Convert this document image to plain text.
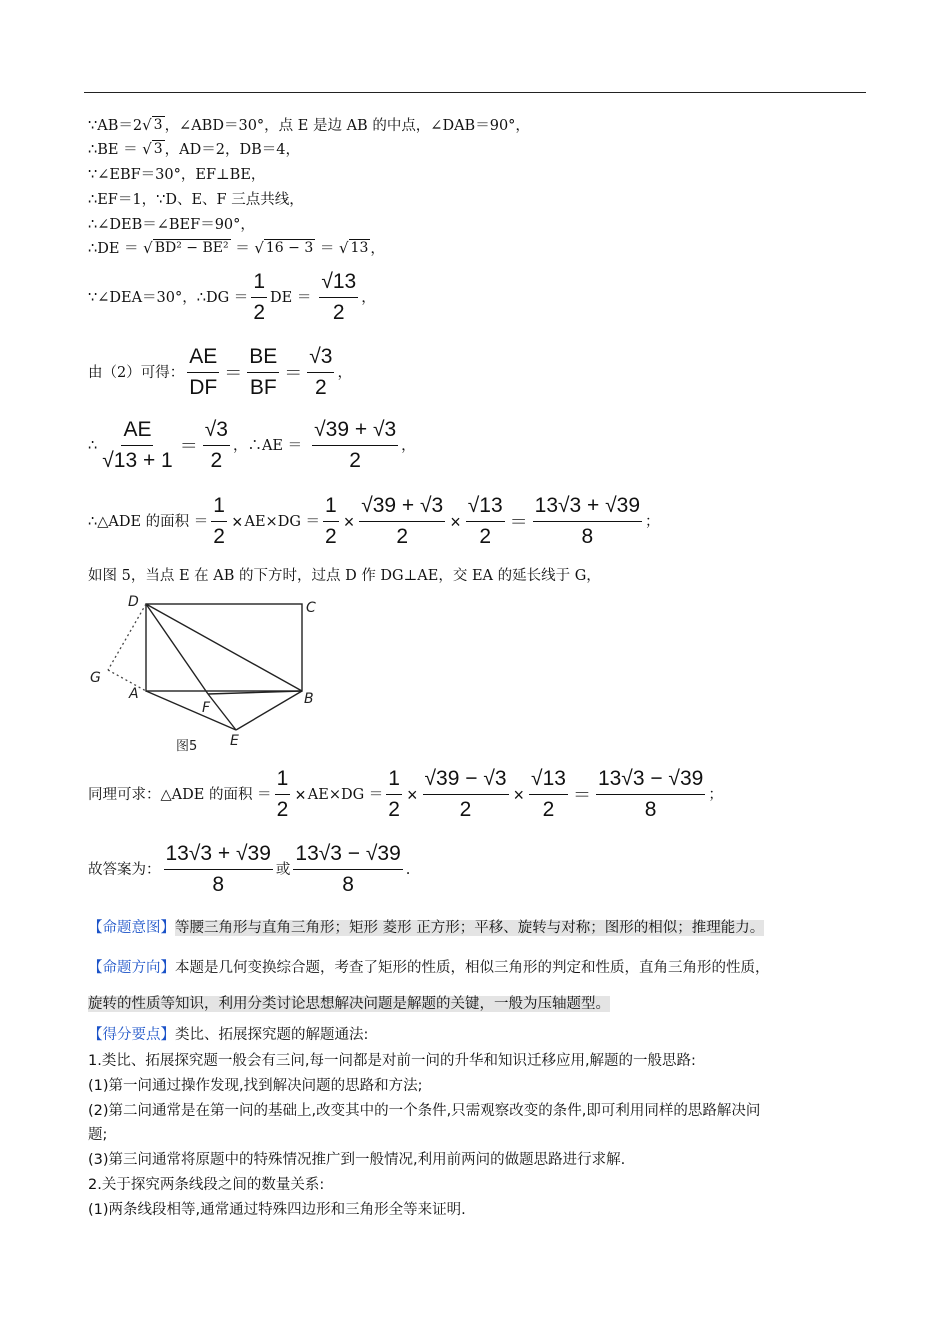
∵AB＝2 √ 3 ，∠ABD＝30°，点 E 是边 AB 的中点，∠DAB＝90°，
∴BE ＝ √ 3 ，AD＝2，DB＝4，
∵∠EBF＝30°，EF⊥BE，
∴EF＝1，∵D、E、F 三点共线，
∴∠DEB＝∠BEF＝90°，
∴DE ＝ √ BD² − BE² ＝ √ 16 − 3 ＝ √ 13 ，
∵∠DEA＝30°，∴DG ＝ $\frac{1}{2}$ DE ＝ $\frac{√13}{2}$ ，
由（2）可得： $\frac{AE}{DF} = \frac{BE}{BF} = \frac{√3}{2}$ ，
∴ $\frac{AE}{√13 + 1} = \frac{√3}{2}$ ，∴AE ＝ $\frac{√39 + √3}{2}$ ，
∴△ADE 的面积 ＝ $\frac{1}{2} \times AE\times DG = \frac{1}{2} \times \frac{√39 + √3}{2} \times \frac{√13}{2} = \frac{13√3 + √39}{8}$ ；
如图 5，当点 E 在 AB 的下方时，过点 D 作 DG⊥AE，交 EA 的延长线于 G，
D	C
G
A	B
F
E
图5
同理可求：△ADE 的面积 ＝ $\frac{1}{2} \times AE\times DG = \frac{1}{2} \times \frac{√39 - √3}{2} \times \frac{√13}{2} = \frac{13√3 - √39}{8}$ ；
故答案为： $\frac{13√3 + √39}{8}$ 或 $\frac{13√3 - √39}{8}$ .
【命题意图】等腰三角形与直角三角形；矩形 菱形 正方形；平移、旋转与对称；图形的相似；推理能力。
【命题方向】本题是几何变换综合题，考查了矩形的性质，相似三角形的判定和性质，直角三角形的性质，
旋转的性质等知识，利用分类讨论思想解决问题是解题的关键，一般为压轴题型。
【得分要点】类比、拓展探究题的解题通法:
1.类比、拓展探究题一般会有三问,每一问都是对前一问的升华和知识迁移应用,解题的一般思路:
(1)第一问通过操作发现,找到解决问题的思路和方法;
(2)第二问通常是在第一问的基础上,改变其中的一个条件,只需观察改变的条件,即可利用同样的思路解决问
题;
(3)第三问通常将原题中的特殊情况推广到一般情况,利用前两问的做题思路进行求解.
2.关于探究两条线段之间的数量关系:
(1)两条线段相等,通常通过特殊四边形和三角形全等来证明.
